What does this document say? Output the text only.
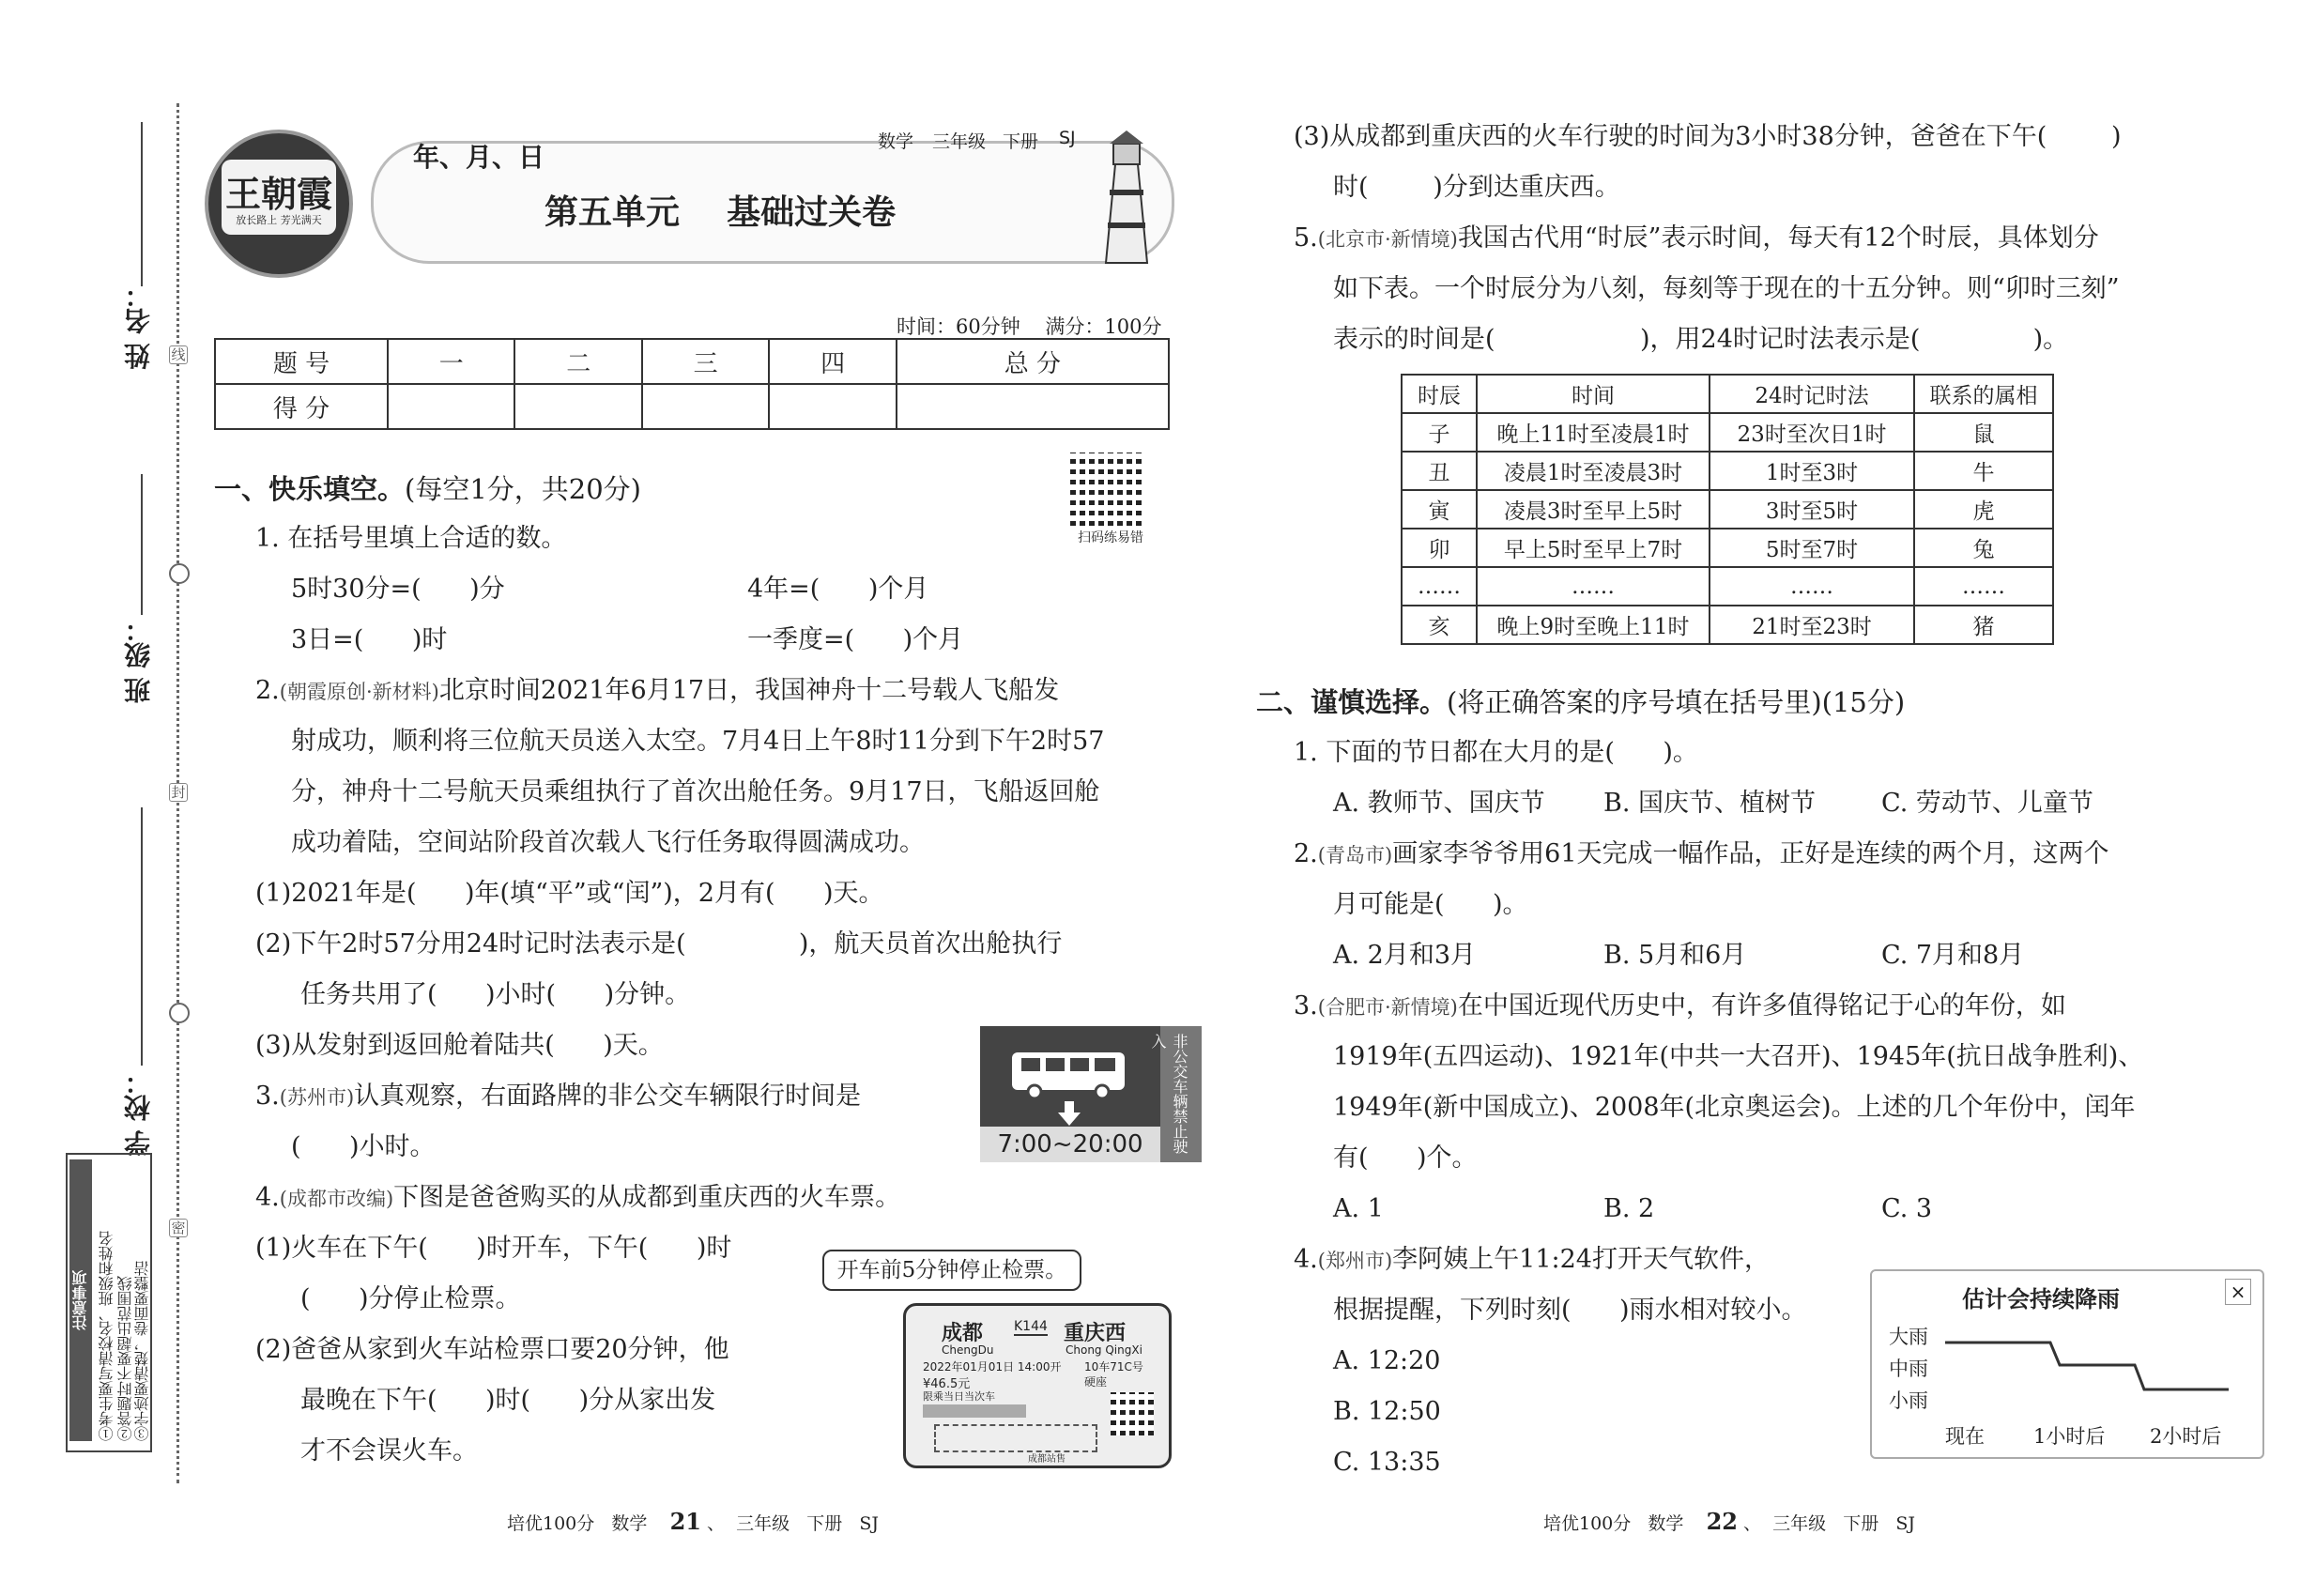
姓 名：
班 级：
学 校：
线
封
密
注意事项 ①考生要写清校名、班级和姓名 ②答题时不要超出范围线 ③字迹要清楚，卷面要整洁
王朝霞
放长路上 芳光满天
年、月、日	数学 三年级 下册 SJ
第五单元    基础过关卷
时间：60分钟    满分：100分
题 号	一	二	三	四	总 分
得 分					
扫码练易错
一、快乐填空。(每空1分，共20分)
1. 在括号里填上合适的数。
5时30分=(      )分	4年=(      )个月
3日=(      )时	一季度=(      )个月
2.(朝霞原创·新材料)北京时间2021年6月17日，我国神舟十二号载人飞船发
射成功，顺利将三位航天员送入太空。7月4日上午8时11分到下午2时57
分，神舟十二号航天员乘组执行了首次出舱任务。9月17日，飞船返回舱
成功着陆，空间站阶段首次载人飞行任务取得圆满成功。
(1)2021年是(      )年(填“平”或“闰”)，2月有(      )天。
(2)下午2时57分用24时记时法表示是(              )，航天员首次出舱执行
任务共用了(      )小时(      )分钟。
(3)从发射到返回舱着陆共(      )天。
3.(苏州市)认真观察，右面路牌的非公交车辆限行时间是
(      )小时。	非公交车辆禁止驶入
7:00~20:00
4.(成都市改编)下图是爸爸购买的从成都到重庆西的火车票。
(1)火车在下午(      )时开车，下午(      )时
(      )分停止检票。
(2)爸爸从家到火车站检票口要20分钟，他
最晚在下午(      )时(      )分从家出发
才不会误火车。
开车前5分钟停止检票。
成都 K144 重庆西
ChengDu	Chong QingXi
2022年01月01日 14:00开 10车71C号
¥46.5元	硬座
限乘当日当次车
成都站售
(3)从成都到重庆西的火车行驶的时间为3小时38分钟，爸爸在下午(        )
时(        )分到达重庆西。
5.(北京市·新情境)我国古代用“时辰”表示时间，每天有12个时辰，具体划分
如下表。一个时辰分为八刻，每刻等于现在的十五分钟。则“卯时三刻”
表示的时间是(                  )，用24时记时法表示是(              )。
时辰	时间	24时记时法	联系的属相
子	晚上11时至凌晨1时	23时至次日1时	鼠
丑	凌晨1时至凌晨3时	1时至3时	牛
寅	凌晨3时至早上5时	3时至5时	虎
卯	早上5时至早上7时	5时至7时	兔
……	……	……	……
亥	晚上9时至晚上11时	21时至23时	猪
二、谨慎选择。(将正确答案的序号填在括号里)(15分)
1. 下面的节日都在大月的是(      )。
A. 教师节、国庆节 B. 国庆节、植树节	C. 劳动节、儿童节
2.(青岛市)画家李爷爷用61天完成一幅作品，正好是连续的两个月，这两个
月可能是(      )。
A. 2月和3月	B. 5月和6月	C. 7月和8月
3.(合肥市·新情境)在中国近现代历史中，有许多值得铭记于心的年份，如
1919年(五四运动)、1921年(中共一大召开)、1945年(抗日战争胜利)、
1949年(新中国成立)、2008年(北京奥运会)。上述的几个年份中，闰年
有(      )个。
A. 1	B. 2	C. 3
4.(郑州市)李阿姨上午11:24打开天气软件，
根据提醒，下列时刻(      )雨水相对较小。
A. 12:20
B. 12:50
C. 13:35
估计会持续降雨	×
大雨
中雨
小雨
现在 1小时后 2小时后
培优100分 数学 21 、  三年级 下册 SJ	培优100分 数学 22 、  三年级 下册 SJ
